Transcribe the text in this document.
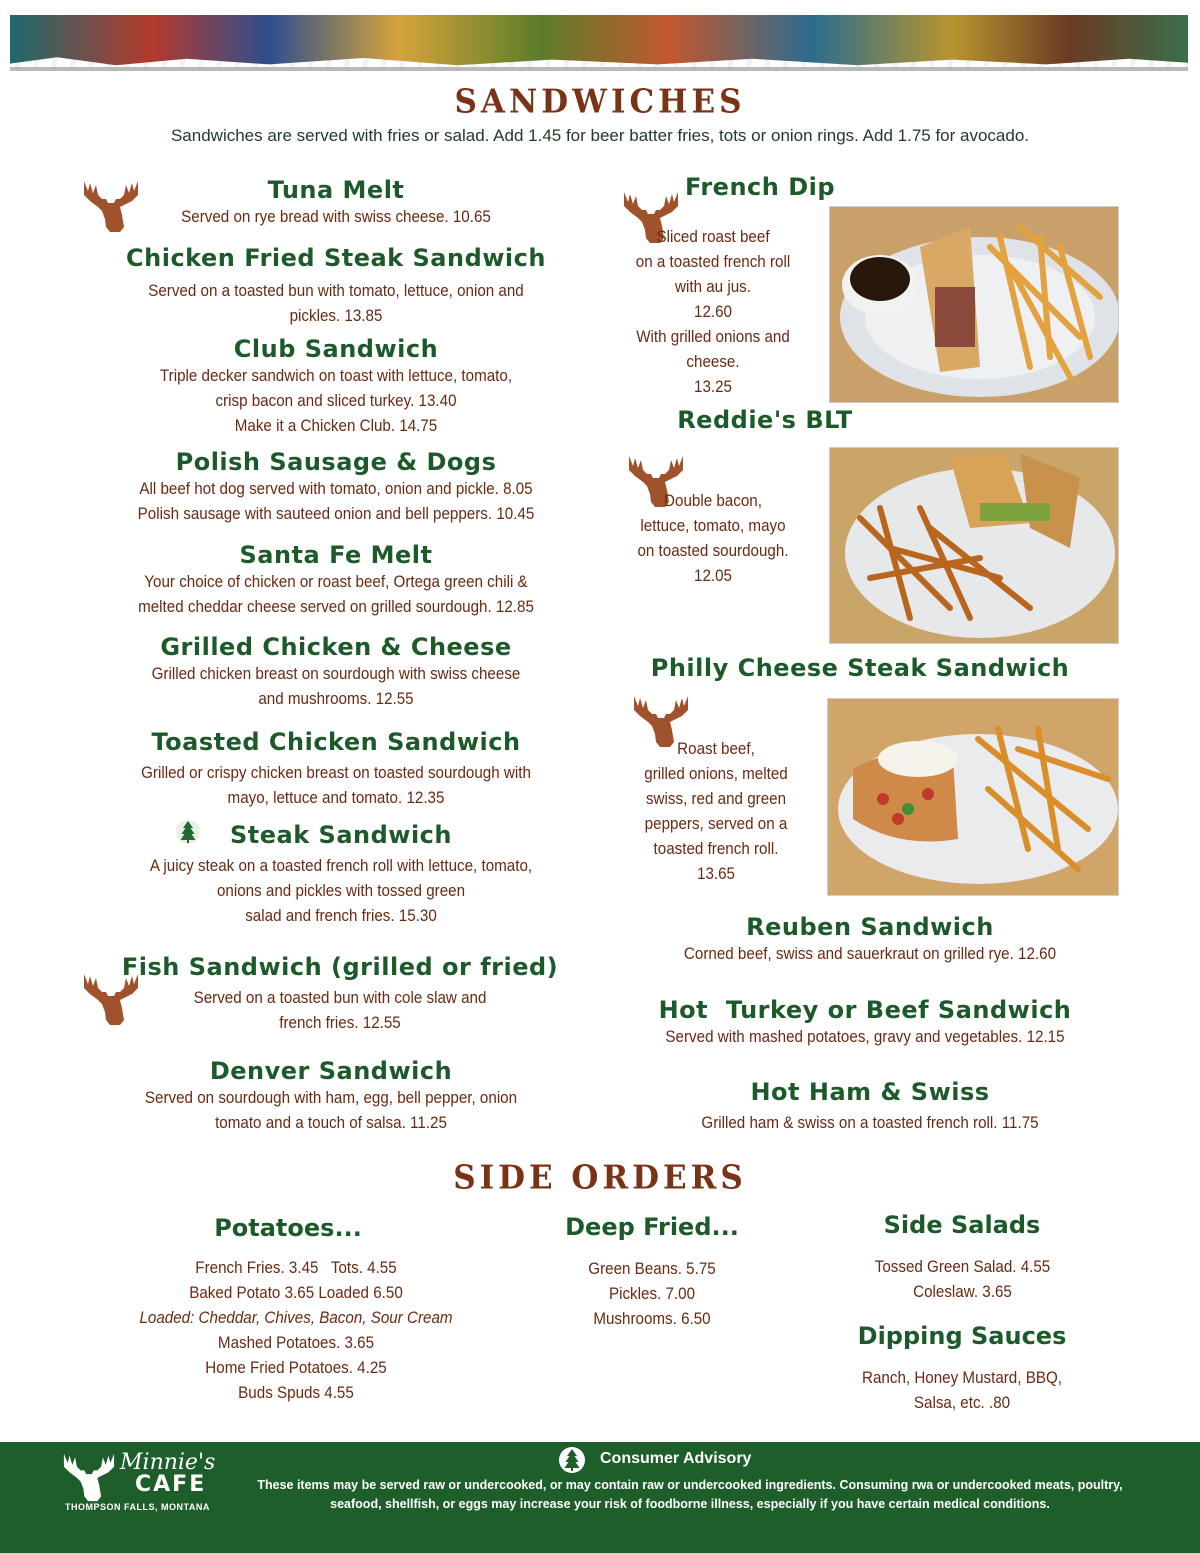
SANDWICHES
Sandwiches are served with fries or salad. Add 1.45 for beer batter fries, tots or onion rings. Add 1.75 for avocado.
Tuna Melt
Served on rye bread with swiss cheese. 10.65
Chicken Fried Steak Sandwich
Served on a toasted bun with tomato, lettuce, onion and
pickles. 13.85
Club Sandwich
Triple decker sandwich on toast with lettuce, tomato,
crisp bacon and sliced turkey. 13.40
Make it a Chicken Club. 14.75
Polish Sausage & Dogs
All beef hot dog served with tomato, onion and pickle. 8.05
Polish sausage with sauteed onion and bell peppers. 10.45
Santa Fe Melt
Your choice of chicken or roast beef, Ortega green chili &
melted cheddar cheese served on grilled sourdough. 12.85
Grilled Chicken & Cheese
Grilled chicken breast on sourdough with swiss cheese
and mushrooms. 12.55
Toasted Chicken Sandwich
Grilled or crispy chicken breast on toasted sourdough with
mayo, lettuce and tomato. 12.35
Steak Sandwich
A juicy steak on a toasted french roll with lettuce, tomato,
onions and pickles with tossed green
salad and french fries. 15.30
Fish Sandwich (grilled or fried)
Served on a toasted bun with cole slaw and
french fries. 12.55
Denver Sandwich
Served on sourdough with ham, egg, bell pepper, onion
tomato and a touch of salsa. 11.25
French Dip
Sliced roast beef
on a toasted french roll
with au jus.
12.60
With grilled onions and
cheese.
13.25
Reddie's BLT
Double bacon,
lettuce, tomato, mayo
on toasted sourdough.
12.05
Philly Cheese Steak Sandwich
Roast beef,
grilled onions, melted
swiss, red and green
peppers, served on a
toasted french roll.
13.65
Reuben Sandwich
Corned beef, swiss and sauerkraut on grilled rye. 12.60
Hot  Turkey or Beef Sandwich
Served with mashed potatoes, gravy and vegetables. 12.15
Hot Ham & Swiss
Grilled ham & swiss on a toasted french roll. 11.75
SIDE ORDERS
Potatoes...
French Fries. 3.45   Tots. 4.55
Baked Potato 3.65 Loaded 6.50
Loaded: Cheddar, Chives, Bacon, Sour Cream
Mashed Potatoes. 3.65
Home Fried Potatoes. 4.25
Buds Spuds 4.55
Deep Fried...
Green Beans. 5.75
Pickles. 7.00
Mushrooms. 6.50
Side Salads
Tossed Green Salad. 4.55
Coleslaw. 3.65
Dipping Sauces
Ranch, Honey Mustard, BBQ,
Salsa, etc. .80
Minnie's
CAFE
THOMPSON FALLS, MONTANA
Consumer Advisory
These items may be served raw or undercooked, or may contain raw or undercooked ingredients. Consuming rwa or undercooked meats, poultry, seafood, shellfish, or eggs may increase your risk of foodborne illness, especially if you have certain medical conditions.
